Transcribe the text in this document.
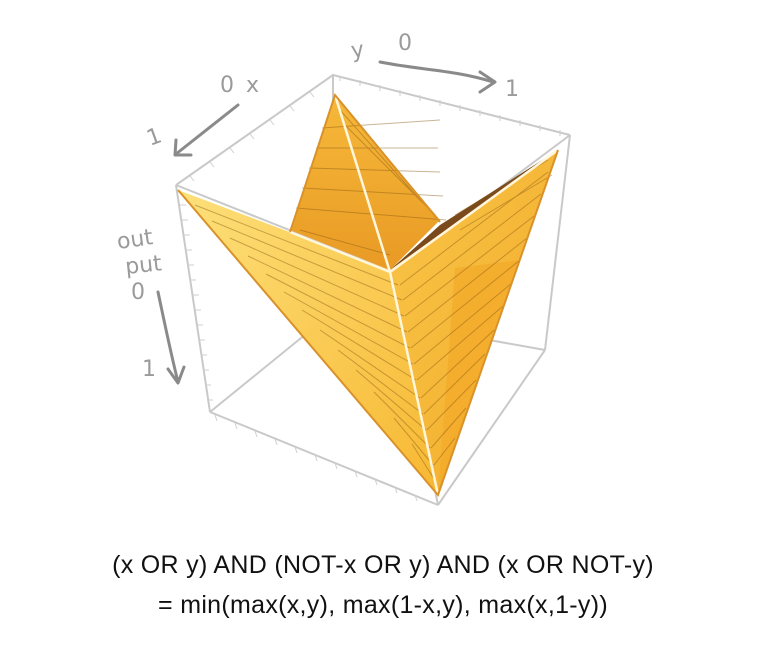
y 0
1
0 x
1
out
put
0
1
(x OR y) AND (NOT-x OR y) AND (x OR NOT-y)
= min(max(x,y), max(1-x,y), max(x,1-y))
